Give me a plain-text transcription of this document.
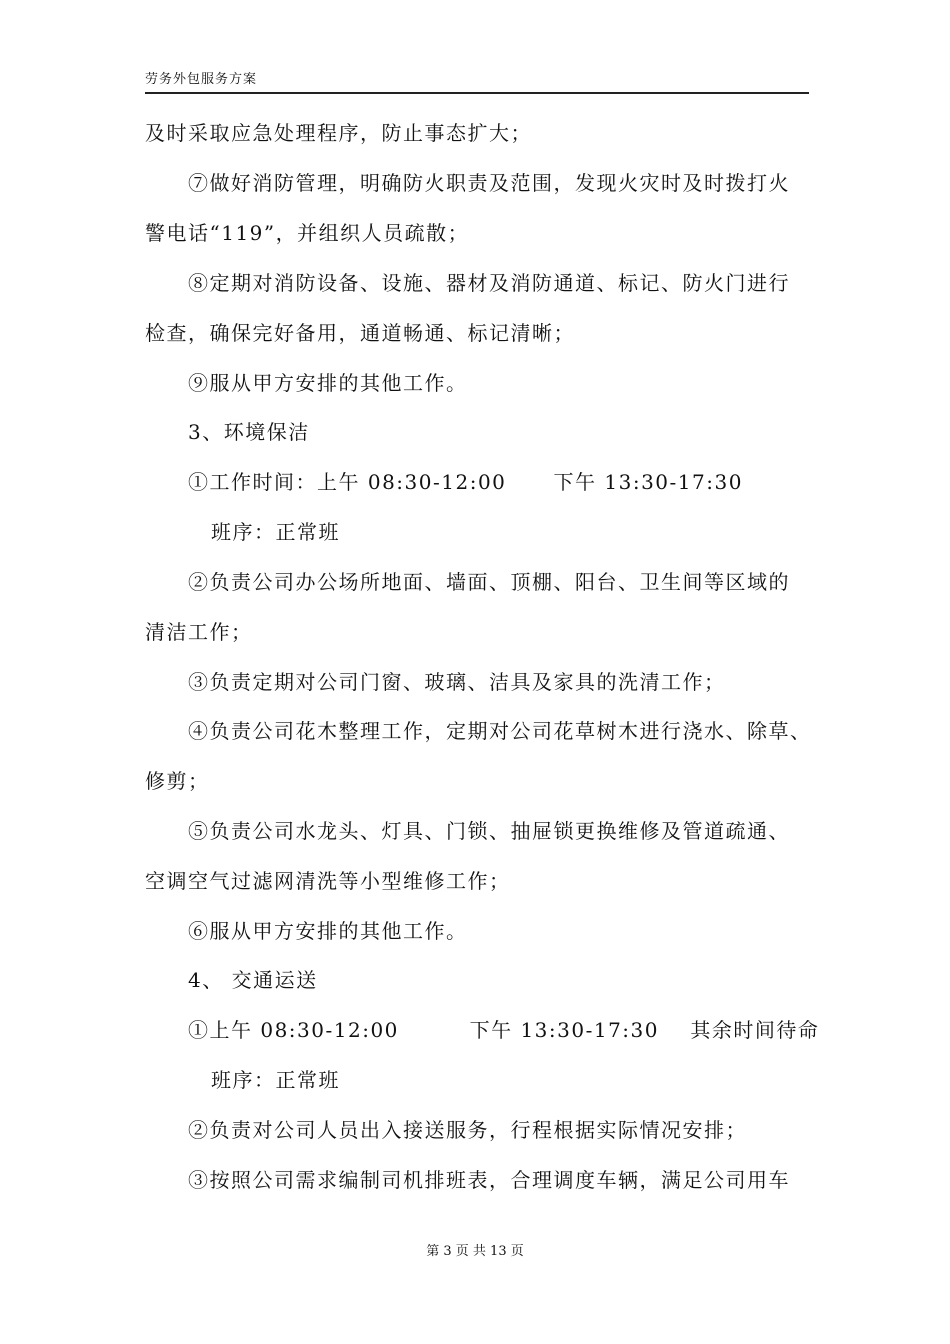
劳务外包服务方案
及时采取应急处理程序，防止事态扩大；
⑦做好消防管理，明确防火职责及范围，发现火灾时及时拨打火
警电话“119”，并组织人员疏散；
⑧定期对消防设备、设施、器材及消防通道、标记、防火门进行
检查，确保完好备用，通道畅通、标记清晰；
⑨服从甲方安排的其他工作。
3、环境保洁
①工作时间：上午 08:30-12:00      下午 13:30-17:30
班序：正常班
②负责公司办公场所地面、墙面、顶棚、阳台、卫生间等区域的
清洁工作；
③负责定期对公司门窗、玻璃、洁具及家具的洗清工作；
④负责公司花木整理工作，定期对公司花草树木进行浇水、除草、
修剪；
⑤负责公司水龙头、灯具、门锁、抽屉锁更换维修及管道疏通、
空调空气过滤网清洗等小型维修工作；
⑥服从甲方安排的其他工作。
4、 交通运送
①上午 08:30-12:00         下午 13:30-17:30    其余时间待命
班序：正常班
②负责对公司人员出入接送服务，行程根据实际情况安排；
③按照公司需求编制司机排班表，合理调度车辆，满足公司用车
第 3 页 共 13 页
